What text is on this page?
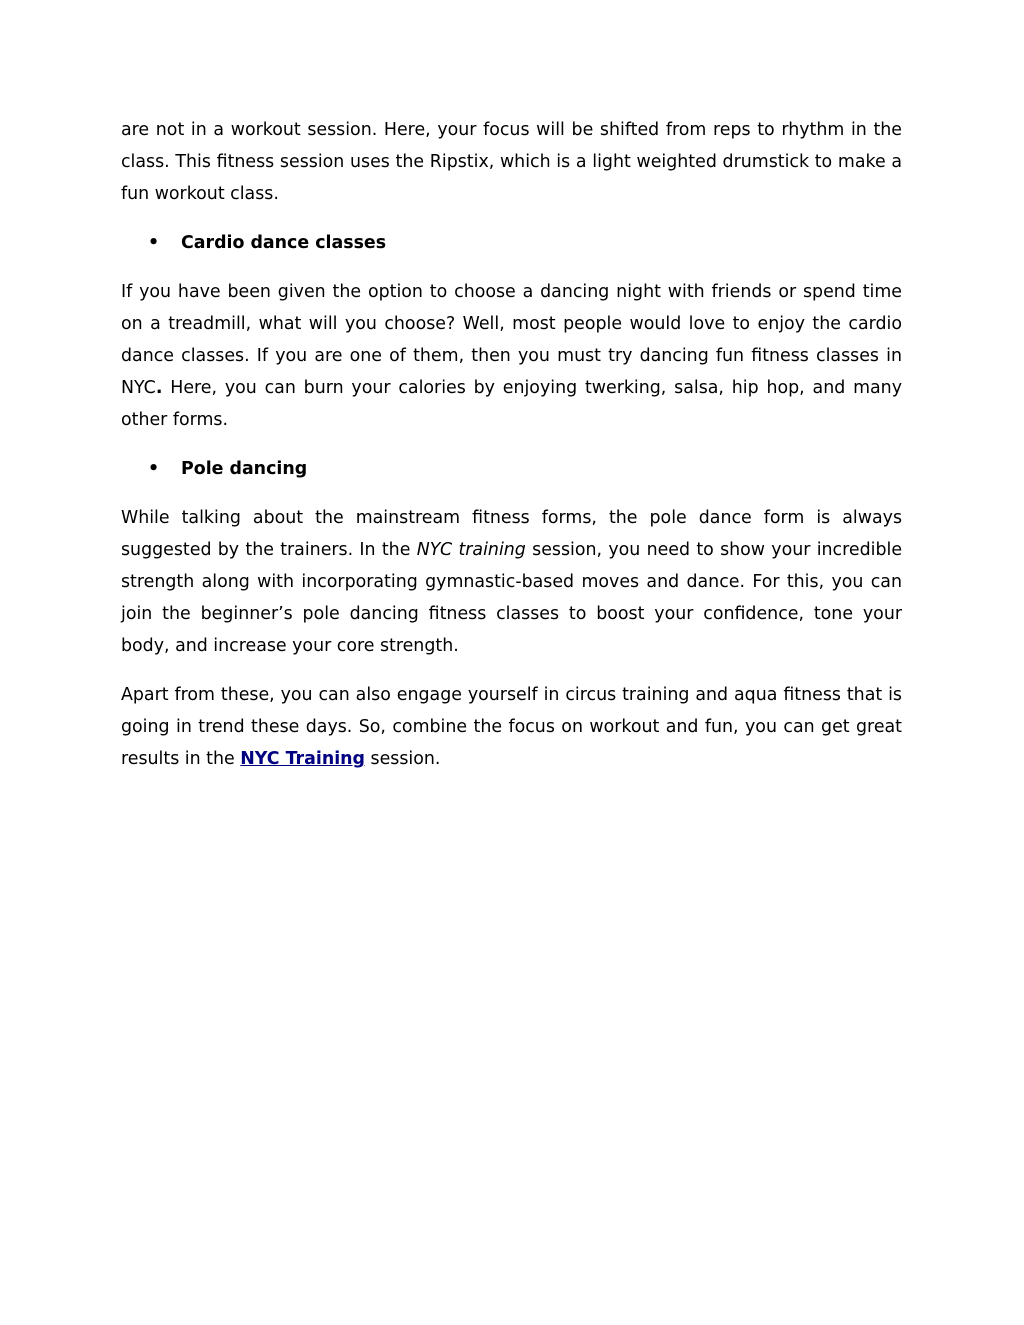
are not in a workout session. Here, your focus will be shifted from reps to rhythm in the class. This fitness session uses the Ripstix, which is a light weighted drumstick to make a fun workout class.

• Cardio dance classes

If you have been given the option to choose a dancing night with friends or spend time on a treadmill, what will you choose? Well, most people would love to enjoy the cardio dance classes. If you are one of them, then you must try dancing fun fitness classes in NYC. Here, you can burn your calories by enjoying twerking, salsa, hip hop, and many other forms.

• Pole dancing

While talking about the mainstream fitness forms, the pole dance form is always suggested by the trainers. In the NYC training session, you need to show your incredible strength along with incorporating gymnastic-based moves and dance. For this, you can join the beginner’s pole dancing fitness classes to boost your confidence, tone your body, and increase your core strength.

Apart from these, you can also engage yourself in circus training and aqua fitness that is going in trend these days. So, combine the focus on workout and fun, you can get great results in the NYC Training session.
